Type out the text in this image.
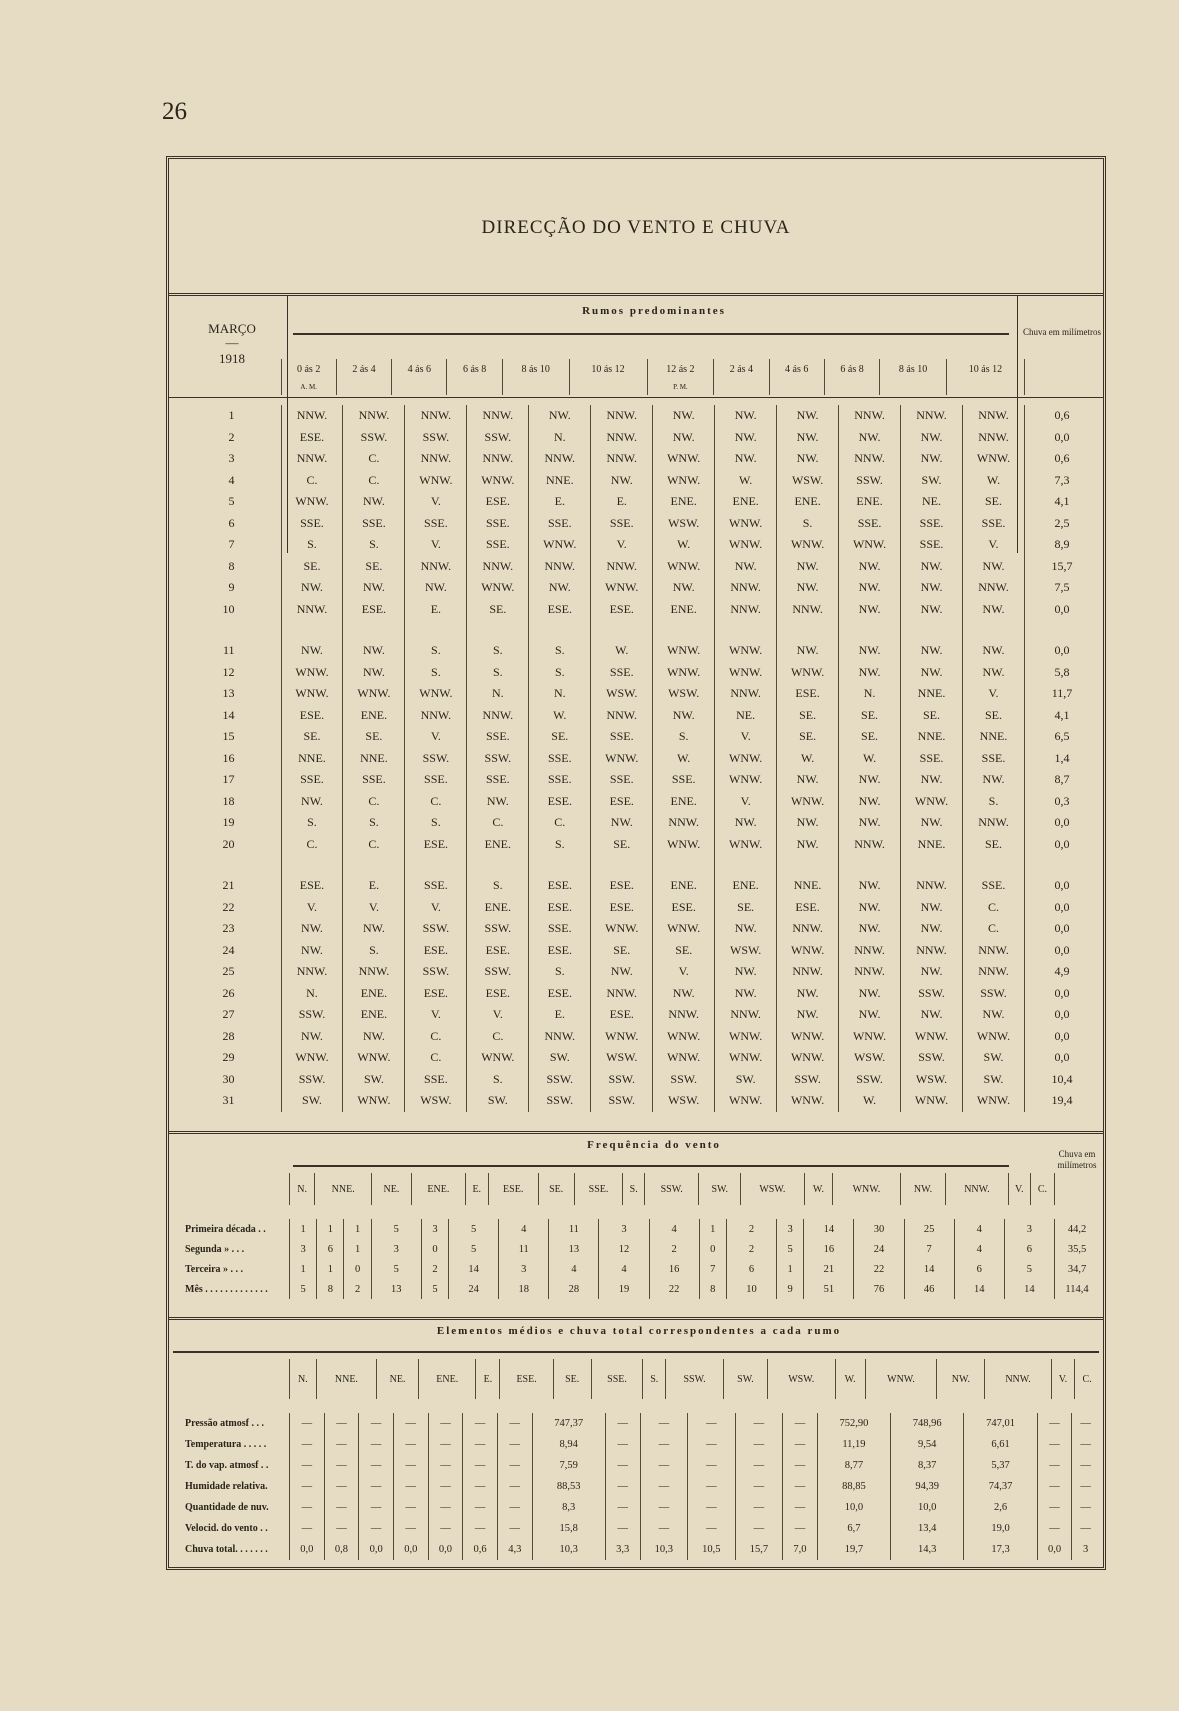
26
DIRECÇÃO DO VENTO E CHUVA
MARÇO
—
1918
Rumos predominantes
Chuva em milímetros
	0 ás 2	2 ás 4	4 ás 6	6 ás 8	8 ás 10	10 ás 12	12 ás 2	2 ás 4	4 ás 6	6 ás 8	8 ás 10	10 ás 12	
	A. M.						P. M.						
1	NNW.	NNW.	NNW.	NNW.	NW.	NNW.	NW.	NW.	NW.	NNW.	NNW.	NNW.	0,6
2	ESE.	SSW.	SSW.	SSW.	N.	NNW.	NW.	NW.	NW.	NW.	NW.	NNW.	0,0
3	NNW.	C.	NNW.	NNW.	NNW.	NNW.	WNW.	NW.	NW.	NNW.	NW.	WNW.	0,6
4	C.	C.	WNW.	WNW.	NNE.	NW.	WNW.	W.	WSW.	SSW.	SW.	W.	7,3
5	WNW.	NW.	V.	ESE.	E.	E.	ENE.	ENE.	ENE.	ENE.	NE.	SE.	4,1
6	SSE.	SSE.	SSE.	SSE.	SSE.	SSE.	WSW.	WNW.	S.	SSE.	SSE.	SSE.	2,5
7	S.	S.	V.	SSE.	WNW.	V.	W.	WNW.	WNW.	WNW.	SSE.	V.	8,9
8	SE.	SE.	NNW.	NNW.	NNW.	NNW.	WNW.	NW.	NW.	NW.	NW.	NW.	15,7
9	NW.	NW.	NW.	WNW.	NW.	WNW.	NW.	NNW.	NW.	NW.	NW.	NNW.	7,5
10	NNW.	ESE.	E.	SE.	ESE.	ESE.	ENE.	NNW.	NNW.	NW.	NW.	NW.	0,0

11	NW.	NW.	S.	S.	S.	W.	WNW.	WNW.	NW.	NW.	NW.	NW.	0,0
12	WNW.	NW.	S.	S.	S.	SSE.	WNW.	WNW.	WNW.	NW.	NW.	NW.	5,8
13	WNW.	WNW.	WNW.	N.	N.	WSW.	WSW.	NNW.	ESE.	N.	NNE.	V.	11,7
14	ESE.	ENE.	NNW.	NNW.	W.	NNW.	NW.	NE.	SE.	SE.	SE.	SE.	4,1
15	SE.	SE.	V.	SSE.	SE.	SSE.	S.	V.	SE.	SE.	NNE.	NNE.	6,5
16	NNE.	NNE.	SSW.	SSW.	SSE.	WNW.	W.	WNW.	W.	W.	SSE.	SSE.	1,4
17	SSE.	SSE.	SSE.	SSE.	SSE.	SSE.	SSE.	WNW.	NW.	NW.	NW.	NW.	8,7
18	NW.	C.	C.	NW.	ESE.	ESE.	ENE.	V.	WNW.	NW.	WNW.	S.	0,3
19	S.	S.	S.	C.	C.	NW.	NNW.	NW.	NW.	NW.	NW.	NNW.	0,0
20	C.	C.	ESE.	ENE.	S.	SE.	WNW.	WNW.	NW.	NNW.	NNE.	SE.	0,0

21	ESE.	E.	SSE.	S.	ESE.	ESE.	ENE.	ENE.	NNE.	NW.	NNW.	SSE.	0,0
22	V.	V.	V.	ENE.	ESE.	ESE.	ESE.	SE.	ESE.	NW.	NW.	C.	0,0
23	NW.	NW.	SSW.	SSW.	SSE.	WNW.	WNW.	NW.	NNW.	NW.	NW.	C.	0,0
24	NW.	S.	ESE.	ESE.	ESE.	SE.	SE.	WSW.	WNW.	NNW.	NNW.	NNW.	0,0
25	NNW.	NNW.	SSW.	SSW.	S.	NW.	V.	NW.	NNW.	NNW.	NW.	NNW.	4,9
26	N.	ENE.	ESE.	ESE.	ESE.	NNW.	NW.	NW.	NW.	NW.	SSW.	SSW.	0,0
27	SSW.	ENE.	V.	V.	E.	ESE.	NNW.	NNW.	NW.	NW.	NW.	NW.	0,0
28	NW.	NW.	C.	C.	NNW.	WNW.	WNW.	WNW.	WNW.	WNW.	WNW.	WNW.	0,0
29	WNW.	WNW.	C.	WNW.	SW.	WSW.	WNW.	WNW.	WNW.	WSW.	SSW.	SW.	0,0
30	SSW.	SW.	SSE.	S.	SSW.	SSW.	SSW.	SW.	SSW.	SSW.	WSW.	SW.	10,4
31	SW.	WNW.	WSW.	SW.	SSW.	SSW.	WSW.	WNW.	WNW.	W.	WNW.	WNW.	19,4
Frequência do vento
Chuva em milímetros
	N.	NNE.	NE.	ENE.	E.	ESE.	SE.	SSE.	S.	SSW.	SW.	WSW.	W.	WNW.	NW.	NNW.	V.	C.	
Primeira década . .	1	1	1	5	3	5	4	11	3	4	1	2	3	14	30	25	4	3	44,2
Segunda » . . .	3	6	1	3	0	5	11	13	12	2	0	2	5	16	24	7	4	6	35,5
Terceira » . . .	1	1	0	5	2	14	3	4	4	16	7	6	1	21	22	14	6	5	34,7
Mês . . . . . . . . . . . . .	5	8	2	13	5	24	18	28	19	22	8	10	9	51	76	46	14	14	114,4
Elementos médios e chuva total correspondentes a cada rumo
	N.	NNE.	NE.	ENE.	E.	ESE.	SE.	SSE.	S.	SSW.	SW.	WSW.	W.	WNW.	NW.	NNW.	V.	C.
Pressão atmosf . . .	—	—	—	—	—	—	—	747,37	—	—	—	—	—	752,90	748,96	747,01	—	—
Temperatura . . . . .	—	—	—	—	—	—	—	8,94	—	—	—	—	—	11,19	9,54	6,61	—	—
T. do vap. atmosf . .	—	—	—	—	—	—	—	7,59	—	—	—	—	—	8,77	8,37	5,37	—	—
Humidade relativa.	—	—	—	—	—	—	—	88,53	—	—	—	—	—	88,85	94,39	74,37	—	—
Quantidade de nuv.	—	—	—	—	—	—	—	8,3	—	—	—	—	—	10,0	10,0	2,6	—	—
Velocid. do vento . .	—	—	—	—	—	—	—	15,8	—	—	—	—	—	6,7	13,4	19,0	—	—
Chuva total. . . . . . .	0,0	0,8	0,0	0,0	0,0	0,6	4,3	10,3	3,3	10,3	10,5	15,7	7,0	19,7	14,3	17,3	0,0	3
